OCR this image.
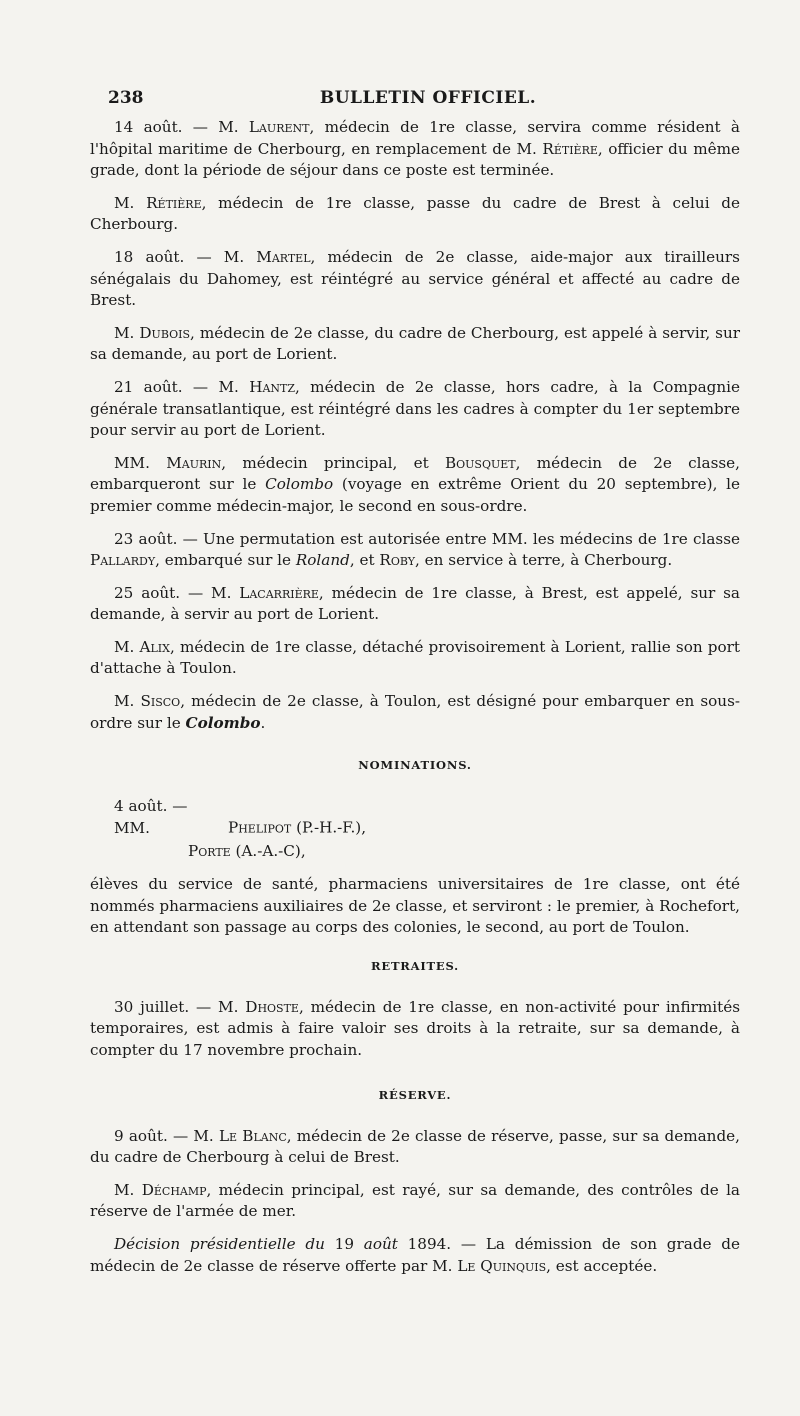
238	BULLETIN OFFICIEL.

14 août. — M. Laurent, médecin de 1re classe, servira comme résident à l'hôpital maritime de Cherbourg, en remplacement de M. Rétière, officier du même grade, dont la période de séjour dans ce poste est terminée.

M. Rétière, médecin de 1re classe, passe du cadre de Brest à celui de Cherbourg.

18 août. — M. Martel, médecin de 2e classe, aide-major aux tirailleurs sénégalais du Dahomey, est réintégré au service général et affecté au cadre de Brest.

M. Dubois, médecin de 2e classe, du cadre de Cherbourg, est appelé à servir, sur sa demande, au port de Lorient.

21 août. — M. Hantz, médecin de 2e classe, hors cadre, à la Compagnie générale transatlantique, est réintégré dans les cadres à compter du 1er septembre pour servir au port de Lorient.

MM. Maurin, médecin principal, et Bousquet, médecin de 2e classe, embarqueront sur le Colombo (voyage en extrême Orient du 20 septembre), le premier comme médecin-major, le second en sous-ordre.

23 août. — Une permutation est autorisée entre MM. les médecins de 1re classe Pallardy, embarqué sur le Roland, et Roby, en service à terre, à Cherbourg.

25 août. — M. Lacarrière, médecin de 1re classe, à Brest, est appelé, sur sa demande, à servir au port de Lorient.

M. Alix, médecin de 1re classe, détaché provisoirement à Lorient, rallie son port d'attache à Toulon.

M. Sisco, médecin de 2e classe, à Toulon, est désigné pour embarquer en sous-ordre sur le Colombo.

NOMINATIONS.
4 août. — MM.	Phelipot (P.-H.-F.),
Porte (A.-A.-C),

élèves du service de santé, pharmaciens universitaires de 1re classe, ont été nommés pharmaciens auxiliaires de 2e classe, et serviront : le premier, à Rochefort, en attendant son passage au corps des colonies, le second, au port de Toulon.

RETRAITES.

30 juillet. — M. Dhoste, médecin de 1re classe, en non-activité pour infirmités temporaires, est admis à faire valoir ses droits à la retraite, sur sa demande, à compter du 17 novembre prochain.

RÉSERVE.

9 août. — M. Le Blanc, médecin de 2e classe de réserve, passe, sur sa demande, du cadre de Cherbourg à celui de Brest.

M. Déchamp, médecin principal, est rayé, sur sa demande, des contrôles de la réserve de l'armée de mer.

Décision présidentielle du 19 août 1894. — La démission de son grade de médecin de 2e classe de réserve offerte par M. Le Quinquis, est acceptée.
